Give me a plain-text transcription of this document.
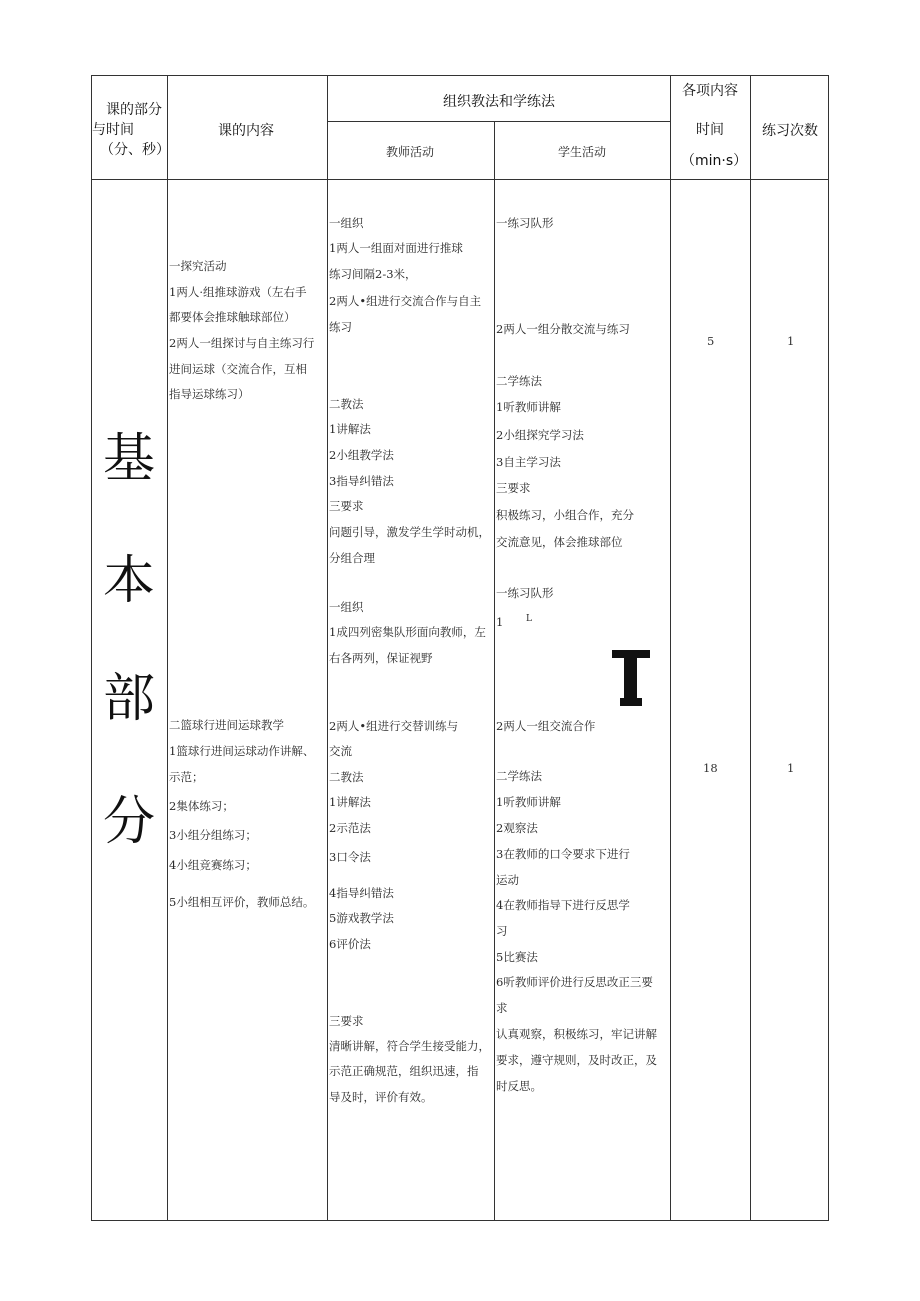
课的部分
与时间
（分、秒）
课的内容
组织教法和学练法
教师活动	学生活动
各项内容
时间
（min·s）
练习次数
基
本
部
分
一探究活动
1两人·组推球游戏（左右手
都要体会推球触球部位）
2两人一组探讨与自主练习行
进间运球（交流合作，互相
指导运球练习）
二篮球行进间运球教学
1篮球行进间运球动作讲解、
示范；
2集体练习；
3小组分组练习；
4小组竞赛练习；
5小组相互评价，教师总结。
一组织
1两人一组面对面进行推球
练习间隔2-3米，
2两人•组进行交流合作与自主
练习
二教法
1讲解法
2小组教学法
3指导纠错法
三要求
问题引导，激发学生学时动机，
分组合理
一组织
1成四列密集队形面向教师，左
右各两列，保证视野
2两人•组进行交替训练与
交流
二教法
1讲解法
2示范法
3口令法
4指导纠错法
5游戏教学法
6评价法
三要求
清晰讲解，符合学生接受能力，
示范正确规范，组织迅速，指
导及时，评价有效。
一练习队形
2两人一组分散交流与练习
二学练法
1听教师讲解
2小组探究学习法
3自主学习法
三要求
积极练习，小组合作，充分
交流意见，体会推球部位
一练习队形
1	L
2两人一组交流合作
二学练法
1听教师讲解
2观察法
3在教师的口令要求下进行
运动
4在教师指导下进行反思学
习
5比赛法
6听教师评价进行反思改正三要
求
认真观察，积极练习，牢记讲解
要求，遵守规则，及时改正，及
时反思。
5
18
1
1
